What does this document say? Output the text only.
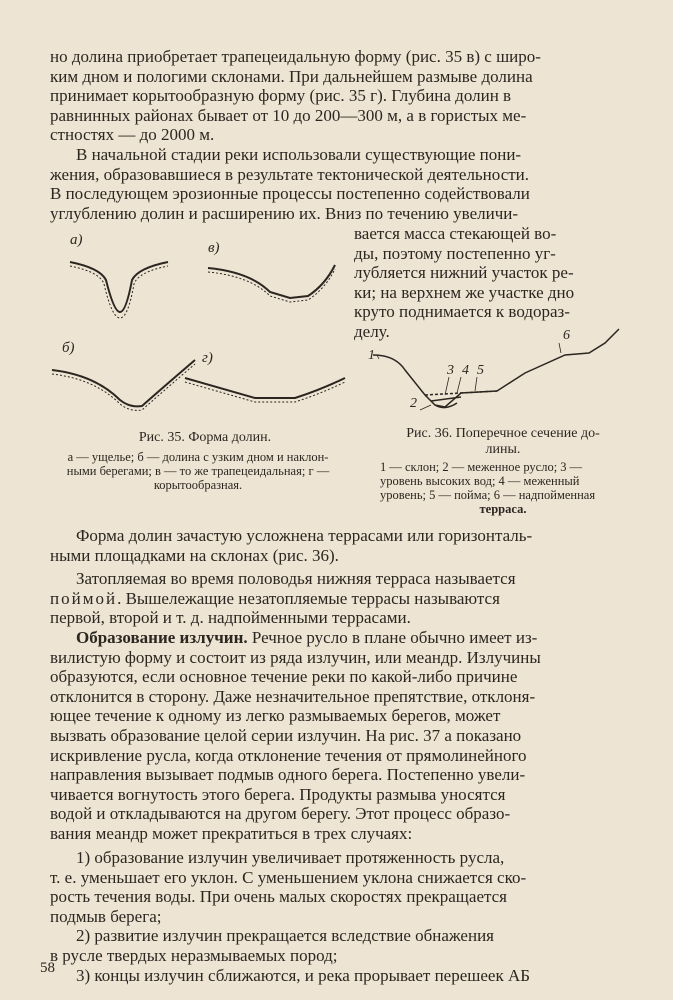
но долина приобретает трапецеидальную форму (рис. 35 в) с широ-

ким дном и пологими склонами. При дальнейшем размыве долина

принимает корытообразную форму (рис. 35 г). Глубина долин в

равнинных районах бывает от 10 до 200—300 м, а в гористых ме-

стностях — до 2000 м.

В начальной стадии реки использовали существующие пони-

жения, образовавшиеся в результате тектонической деятельности.

В последующем эрозионные процессы постепенно содействовали

углублению долин и расширению их. Вниз по течению увеличи-

вается масса стекающей во-

ды, поэтому постепенно уг-

лубляется нижний участок ре-

ки; на верхнем же участке дно

круто поднимается к водораз-

делу.

а)	в)
б)
г)

Рис. 35. Форма долин.

а — ущелье; б — долина с узким дном и наклон-

ными берегами; в — то же трапецеидальная; г —

корытообразная.

1
2
3 4 5
6

Рис. 36. Поперечное сечение до-

лины.

1 — склон; 2 — меженное русло; 3 —

уровень высоких вод; 4 — меженный

уровень; 5 — пойма; 6 — надпойменная

терраса.

Форма долин зачастую усложнена террасами или горизонталь-

ными площадками на склонах (рис. 36).

Затопляемая во время половодья нижняя терраса называется

поймой. Вышележащие незатопляемые террасы называются

первой, второй и т. д. надпойменными террасами.

Образование излучин. Речное русло в плане обычно имеет из-

вилистую форму и состоит из ряда излучин, или меандр. Излучины

образуются, если основное течение реки по какой-либо причине

отклонится в сторону. Даже незначительное препятствие, отклоня-

ющее течение к одному из легко размываемых берегов, может

вызвать образование целой серии излучин. На рис. 37 а показано

искривление русла, когда отклонение течения от прямолинейного

направления вызывает подмыв одного берега. Постепенно увели-

чивается вогнутость этого берега. Продукты размыва уносятся

водой и откладываются на другом берегу. Этот процесс образо-

вания меандр может прекратиться в трех случаях:

1) образование излучин увеличивает протяженность русла,

т. е. уменьшает его уклон. С уменьшением уклона снижается ско-

рость течения воды. При очень малых скоростях прекращается

подмыв берега;

2) развитие излучин прекращается вследствие обнажения

в русле твердых неразмываемых пород;

3) концы излучин сближаются, и река прорывает перешеек АБ

58
